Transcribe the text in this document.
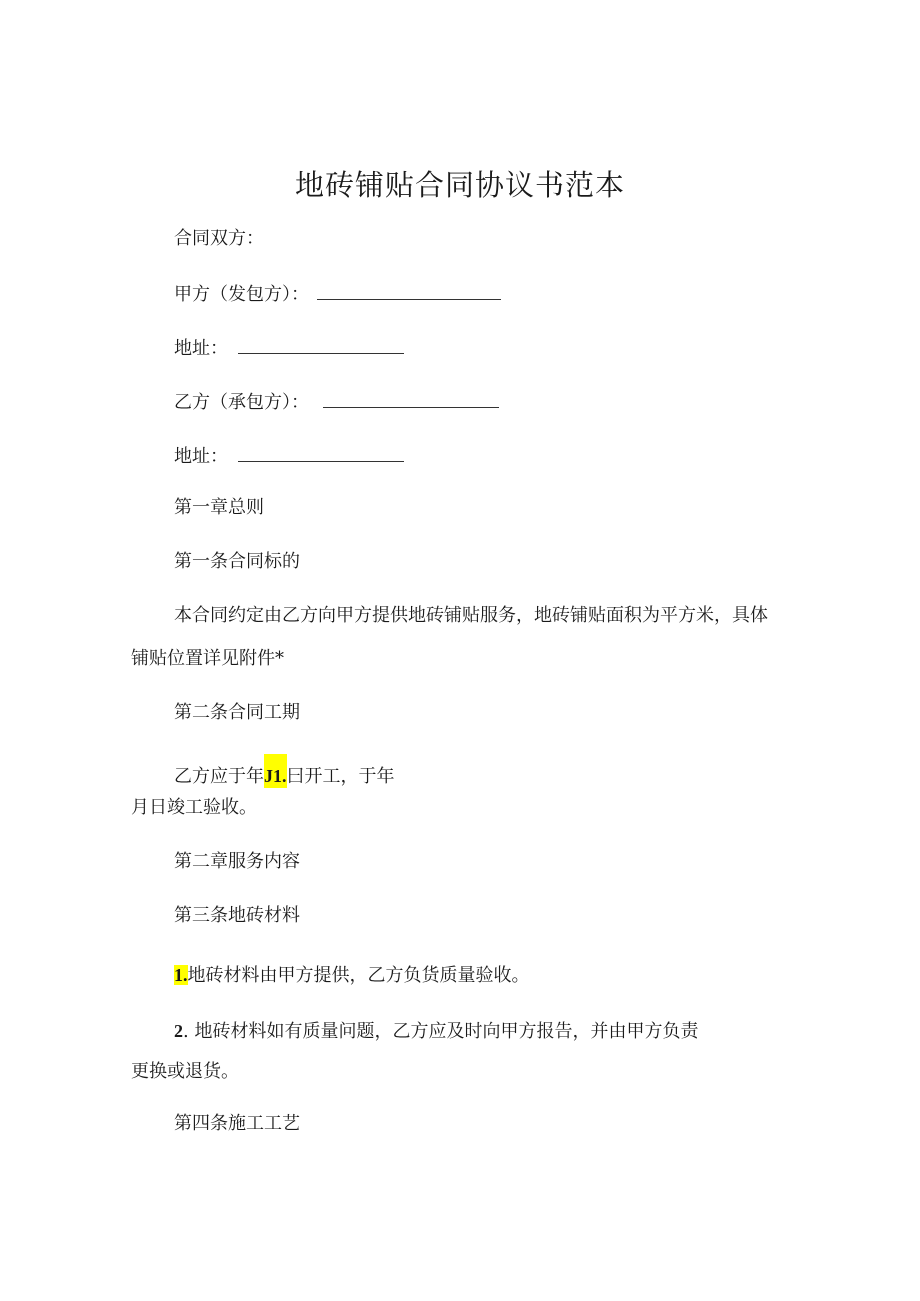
地砖铺贴合同协议书范本
合同双方：
甲方（发包方）：
地址：
乙方（承包方）：
地址：
第一章总则
第一条合同标的
本合同约定由乙方向甲方提供地砖铺贴服务，地砖铺贴面积为平方米，具体
铺贴位置详见附件*
第二条合同工期
乙方应于年J1.曰开工，于年
月日竣工验收。
第二章服务内容
第三条地砖材料
1.地砖材料由甲方提供，乙方负货质量验收。
2. 地砖材料如有质量问题，乙方应及时向甲方报告，并由甲方负责
更换或退货。
第四条施工工艺
